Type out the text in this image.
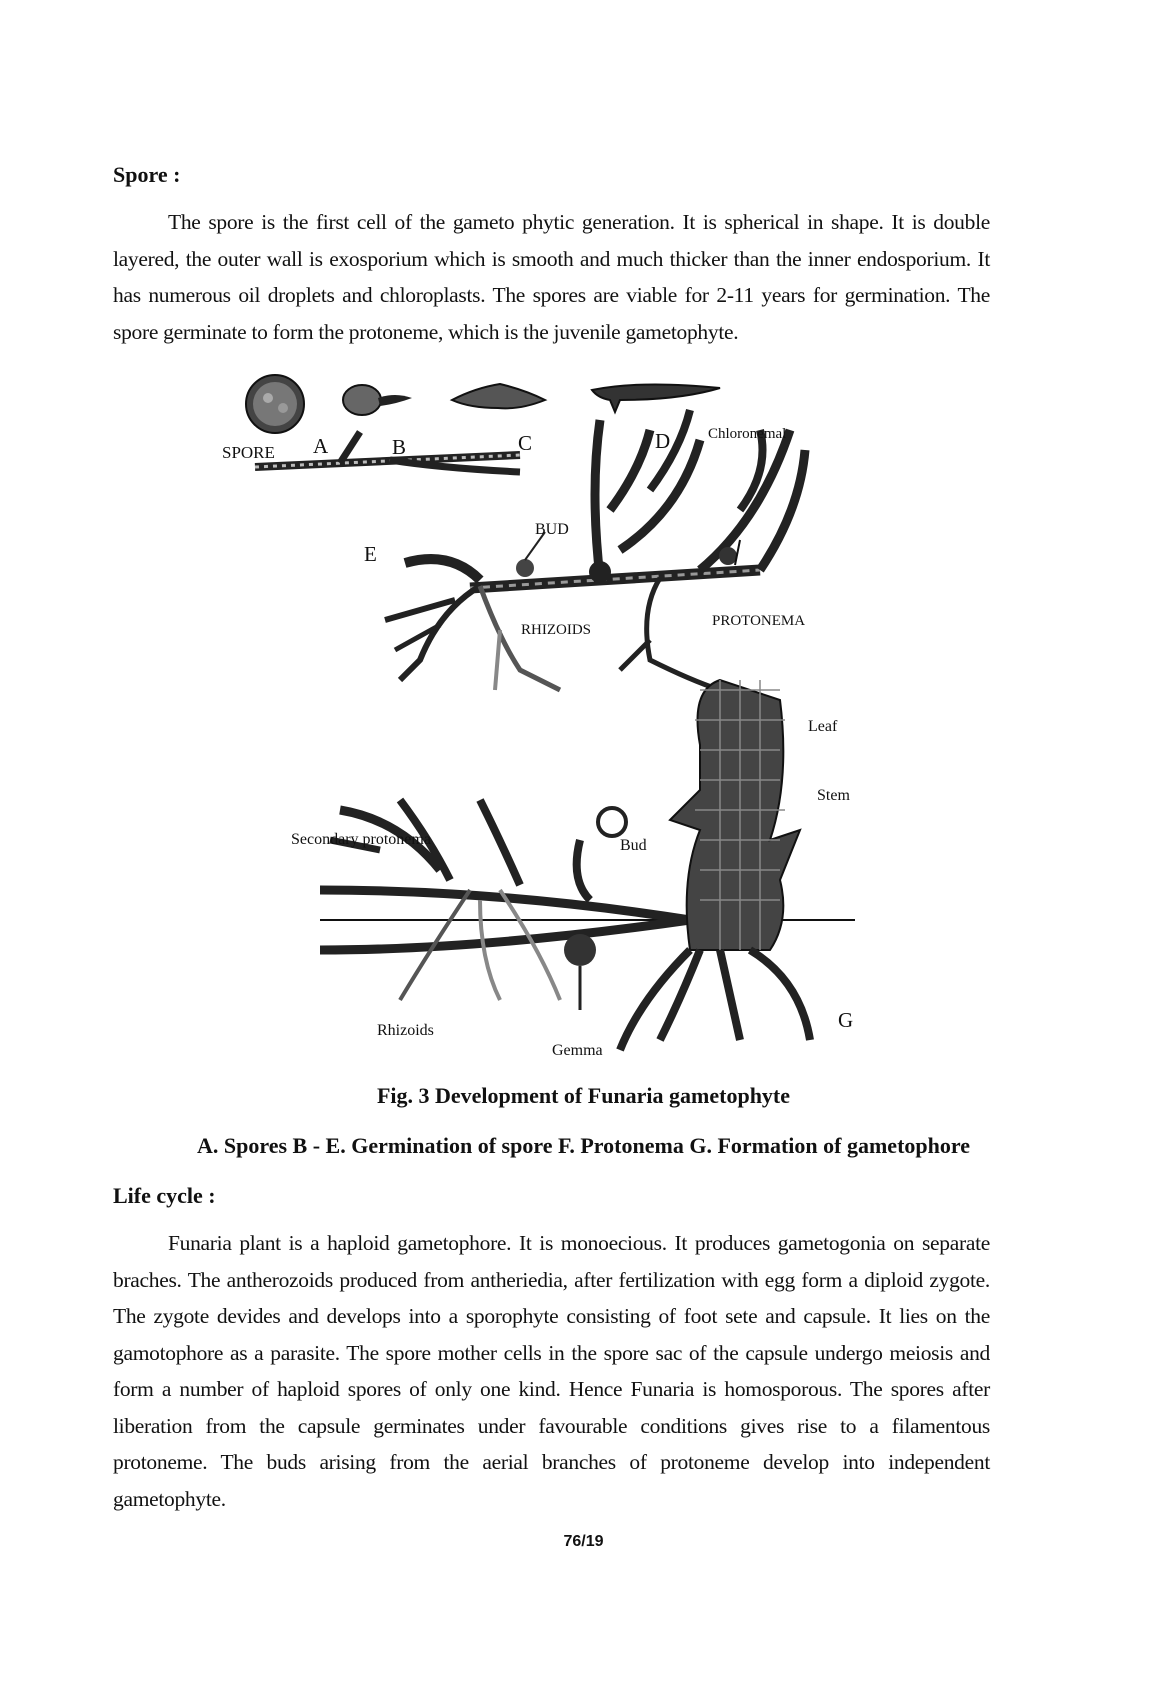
Spore :

The spore is the first cell of the gameto phytic generation. It is spherical in shape. It is double layered, the outer wall is exosporium which is smooth and much thicker than the inner endosporium. It has numerous oil droplets and chloroplasts. The spores are viable for 2-11 years for germination. The spore germinate to form the protoneme, which is the juvenile gametophyte.

SPORE A	B	C	D	Chloronemal
BUD
E
RHIZOIDS
PROTONEMA
Leaf
Stem
Secondary protonema	Bud
Rhizoids
Gemma
G
Fig. 3 Development of Funaria gametophyte
A. Spores B - E. Germination of spore F. Protonema G. Formation of gametophore
Life cycle :

Funaria plant is a haploid gametophore. It is monoecious. It produces gametogonia on separate braches. The antherozoids produced from antheriedia, after fertilization with egg form a diploid zygote. The zygote devides and develops into a sporophyte consisting of foot sete and capsule. It lies on the gamotophore as a parasite. The spore mother cells in the spore sac of the capsule undergo meiosis and form a number of haploid spores of only one kind. Hence Funaria is homosporous. The spores after liberation from the capsule germinates under favourable conditions gives rise to a filamentous protoneme. The buds arising from the aerial branches of protoneme develop into independent gametophyte.

76/19
